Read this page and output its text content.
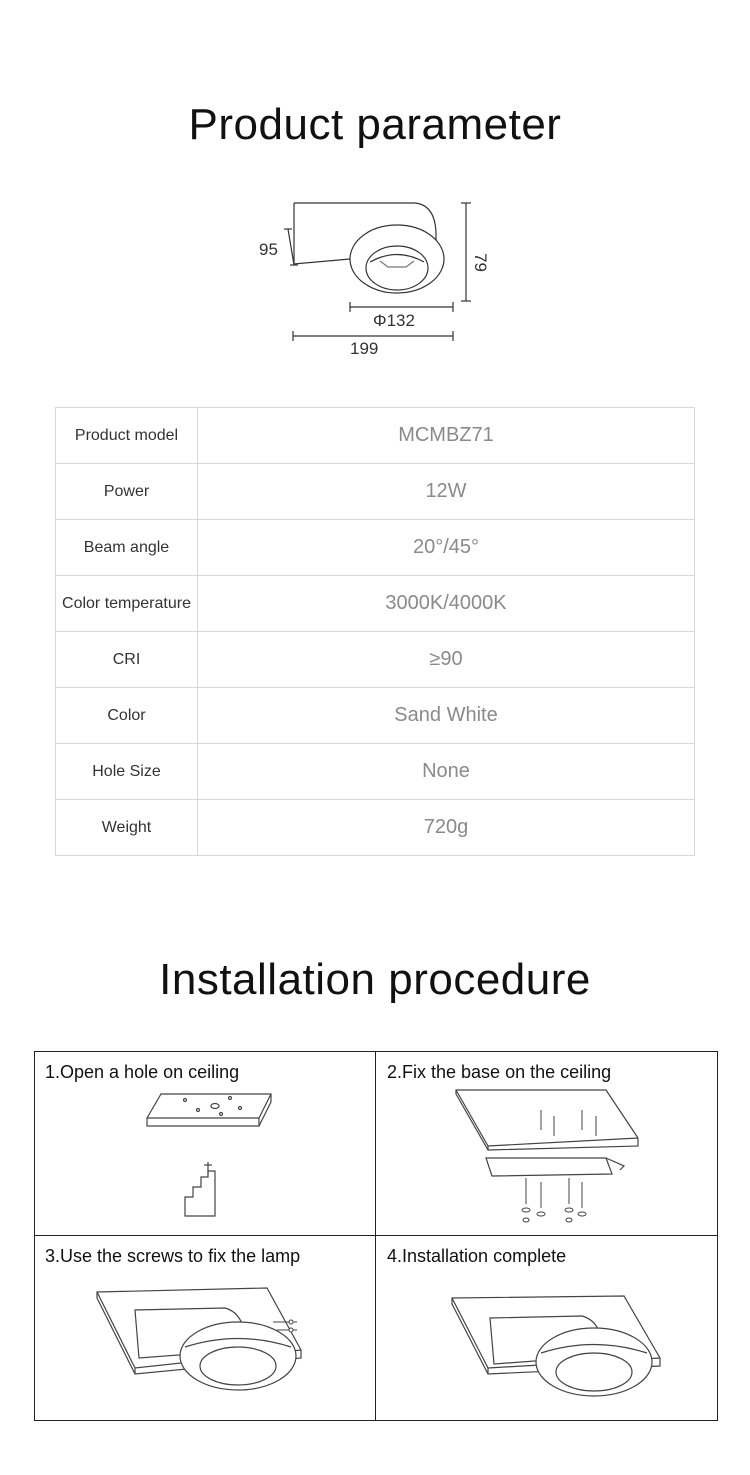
Product parameter
95
79
Φ132
199
Product model	MCMBZ71
Power	12W
Beam angle	20°/45°
Color temperature	3000K/4000K
CRI	≥90
Color	Sand White
Hole Size	None
Weight	720g
Installation procedure
1.Open a hole on ceiling	2.Fix the base on the ceiling
3.Use the screws to fix the lamp	4.Installation complete
